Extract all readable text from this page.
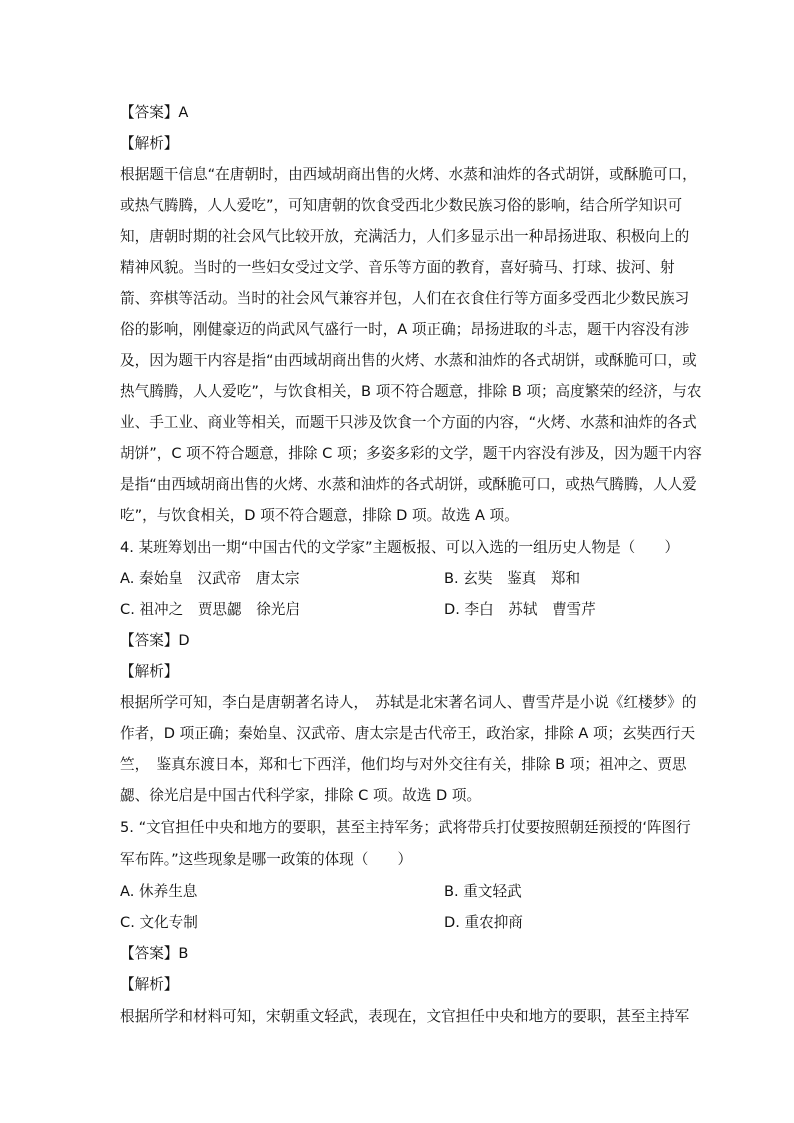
【答案】A
【解析】
根据题干信息“在唐朝时，由西域胡商出售的火烤、水蒸和油炸的各式胡饼，或酥脆可口，
或热气腾腾，人人爱吃”，可知唐朝的饮食受西北少数民族习俗的影响，结合所学知识可
知，唐朝时期的社会风气比较开放，充满活力，人们多显示出一种昂扬进取、积极向上的
精神风貌。当时的一些妇女受过文学、音乐等方面的教育，喜好骑马、打球、拔河、射
箭、弈棋等活动。当时的社会风气兼容并包，人们在衣食住行等方面多受西北少数民族习
俗的影响，刚健豪迈的尚武风气盛行一时，A 项正确；昂扬进取的斗志，题干内容没有涉
及，因为题干内容是指“由西域胡商出售的火烤、水蒸和油炸的各式胡饼，或酥脆可口，或
热气腾腾，人人爱吃”，与饮食相关，B 项不符合题意，排除 B 项；高度繁荣的经济，与农
业、手工业、商业等相关，而题干只涉及饮食一个方面的内容，“火烤、水蒸和油炸的各式
胡饼”，C 项不符合题意，排除 C 项；多姿多彩的文学，题干内容没有涉及，因为题干内容
是指“由西域胡商出售的火烤、水蒸和油炸的各式胡饼，或酥脆可口，或热气腾腾，人人爱
吃”，与饮食相关，D 项不符合题意，排除 D 项。故选 A 项。
4. 某班筹划出一期“中国古代的文学家”主题板报、可以入选的一组历史人物是（　　）
A. 秦始皇　汉武帝　唐太宗	B. 玄奘　鉴真　郑和
C. 祖冲之　贾思勰　徐光启	D. 李白　苏轼　曹雪芹
【答案】D
【解析】
根据所学可知，李白是唐朝著名诗人，　苏轼是北宋著名词人、曹雪芹是小说《红楼梦》的
作者，D 项正确；秦始皇、汉武帝、唐太宗是古代帝王，政治家，排除 A 项；玄奘西行天
竺，　鉴真东渡日本，郑和七下西洋，他们均与对外交往有关，排除 B 项；祖冲之、贾思
勰、徐光启是中国古代科学家，排除 C 项。故选 D 项。
5. “文官担任中央和地方的要职，甚至主持军务；武将带兵打仗要按照朝廷预授的‘阵图行
军布阵。”这些现象是哪一政策的体现（　　）
A. 休养生息	B. 重文轻武
C. 文化专制	D. 重农抑商
【答案】B
【解析】
根据所学和材料可知，宋朝重文轻武，表现在，文官担任中央和地方的要职，甚至主持军
